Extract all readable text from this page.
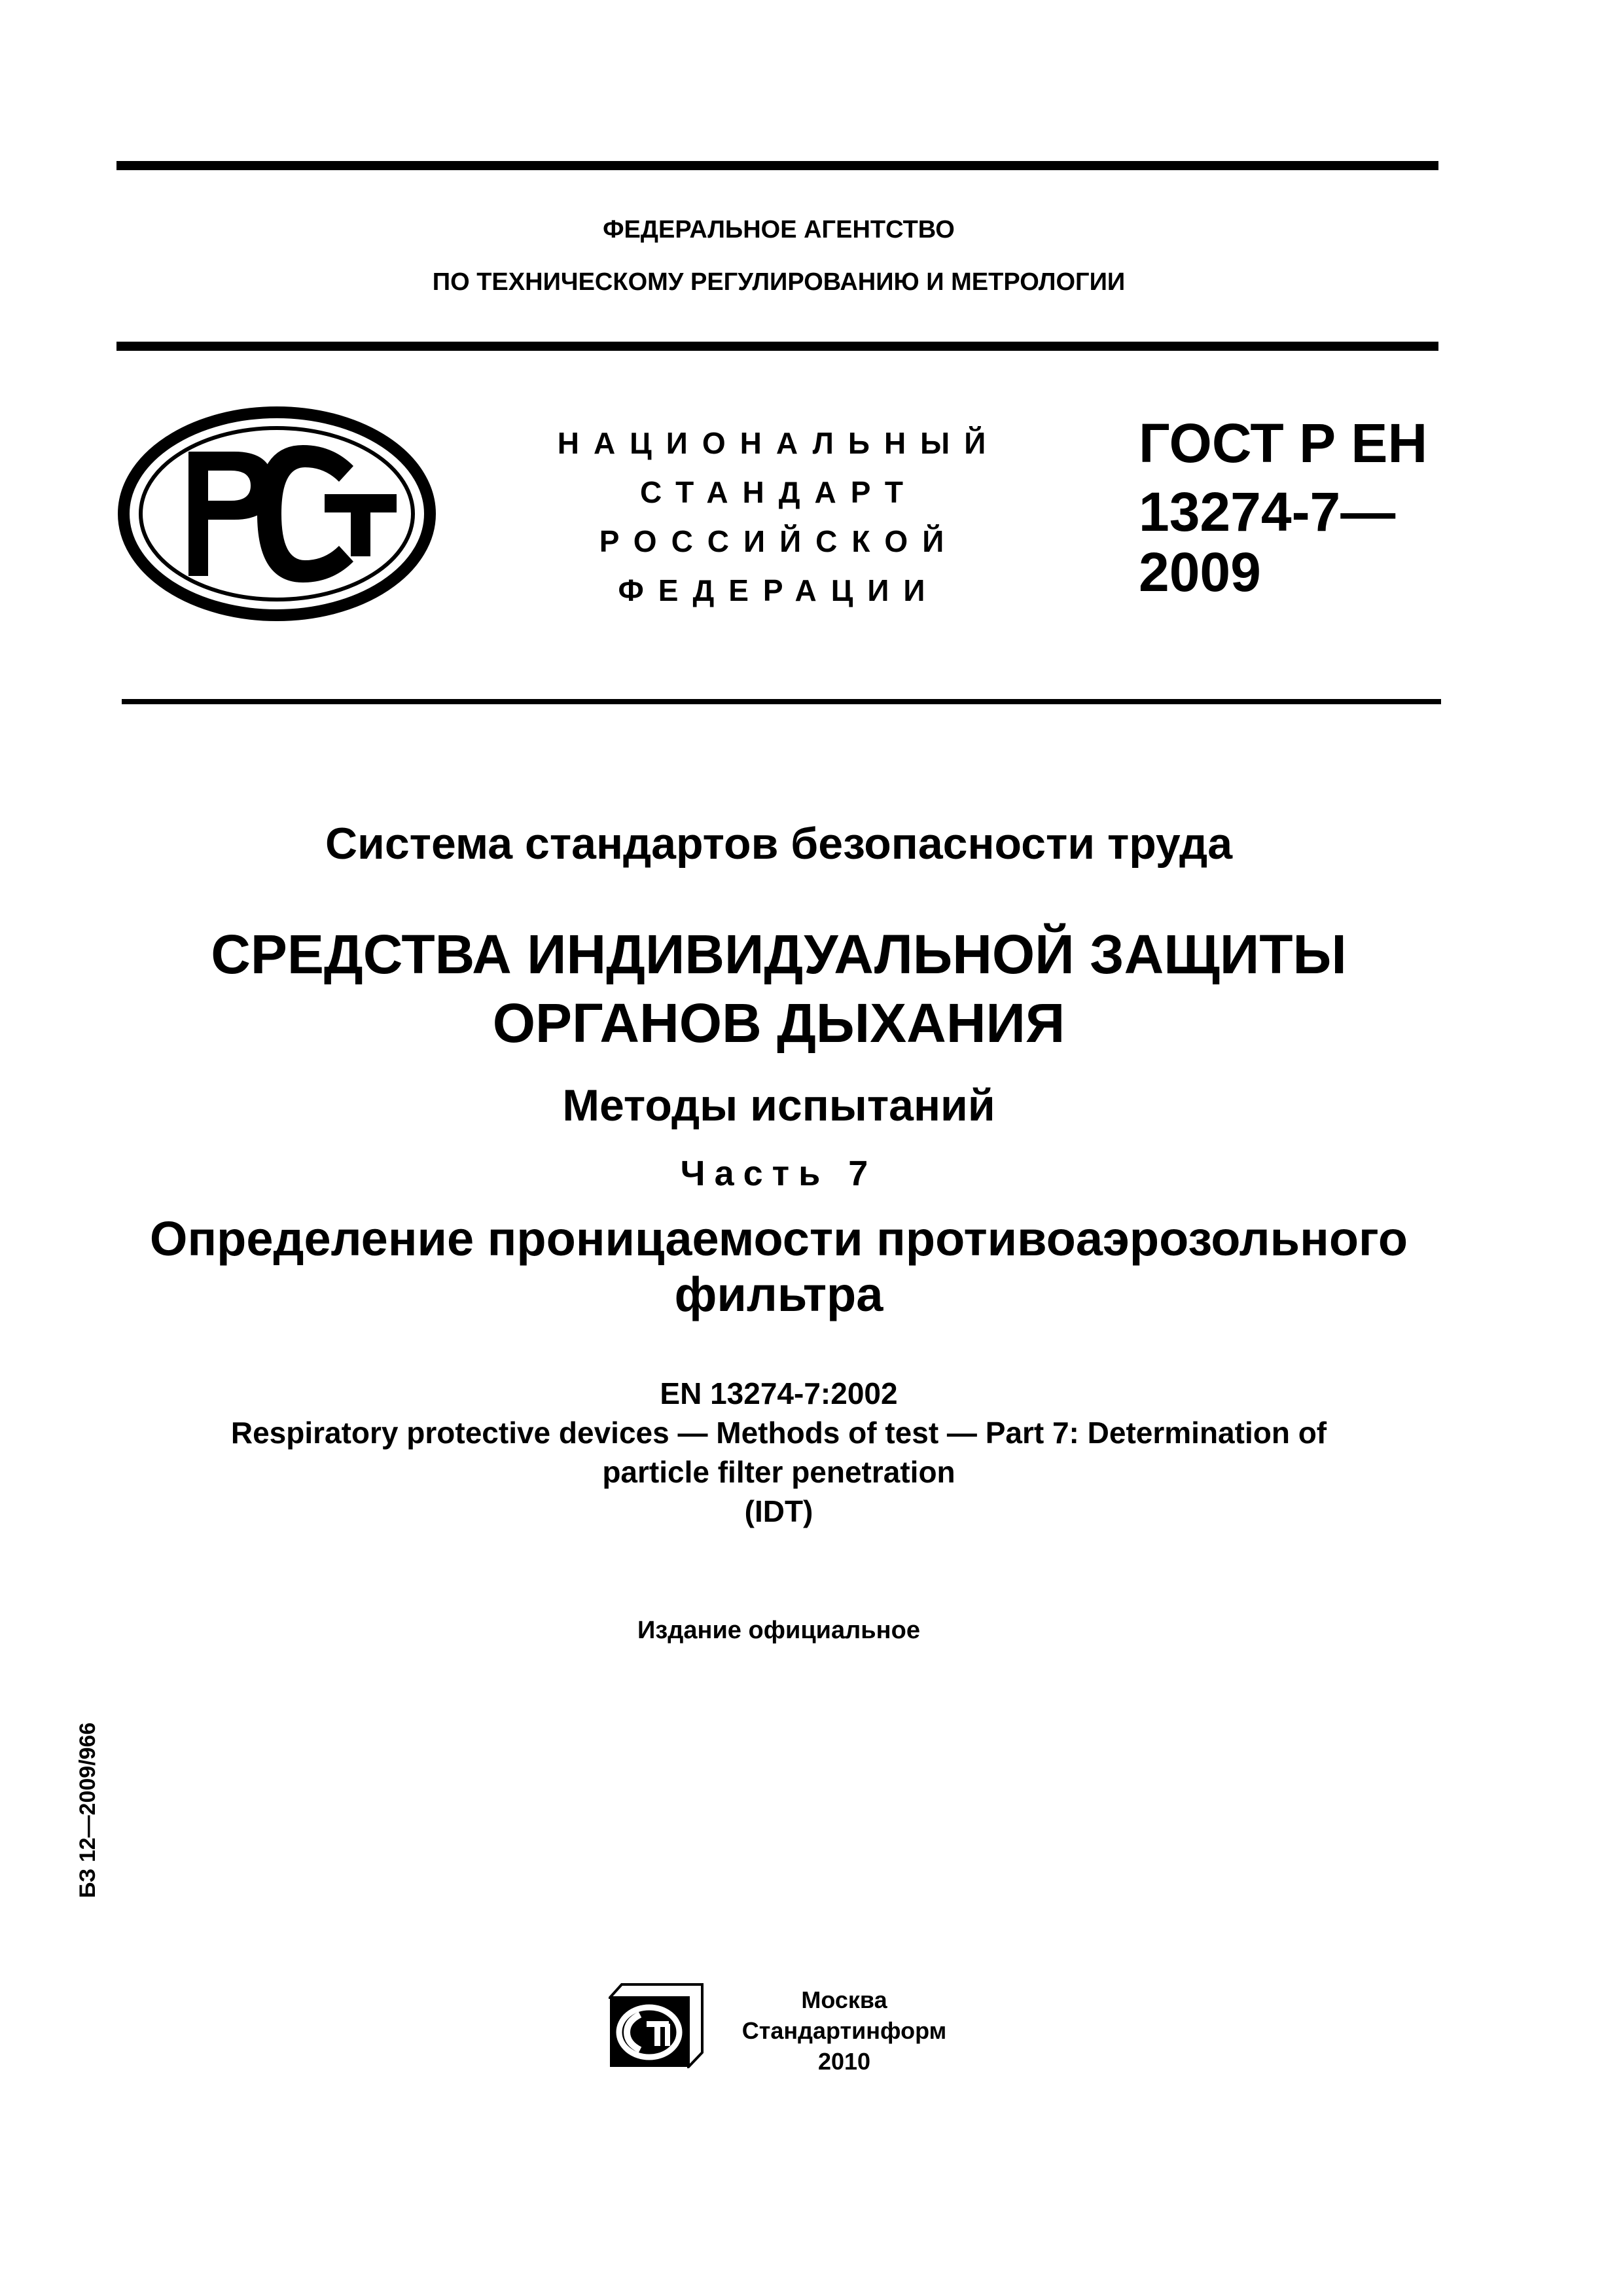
ФЕДЕРАЛЬНОЕ АГЕНТСТВО
ПО ТЕХНИЧЕСКОМУ РЕГУЛИРОВАНИЮ И МЕТРОЛОГИИ
НАЦИОНАЛЬНЫЙ
СТАНДАРТ
РОССИЙСКОЙ
ФЕДЕРАЦИИ
ГОСТ Р ЕН
13274-7—
2009
Система стандартов безопасности труда
СРЕДСТВА ИНДИВИДУАЛЬНОЙ ЗАЩИТЫ
ОРГАНОВ ДЫХАНИЯ
Методы испытаний
Часть 7
Определение проницаемости противоаэрозольного
фильтра
EN 13274-7:2002
Respiratory protective devices — Methods of test — Part 7: Determination of
particle filter penetration
(IDT)
Издание официальное
БЗ 12—2009/966
Москва
Стандартинформ
2010
